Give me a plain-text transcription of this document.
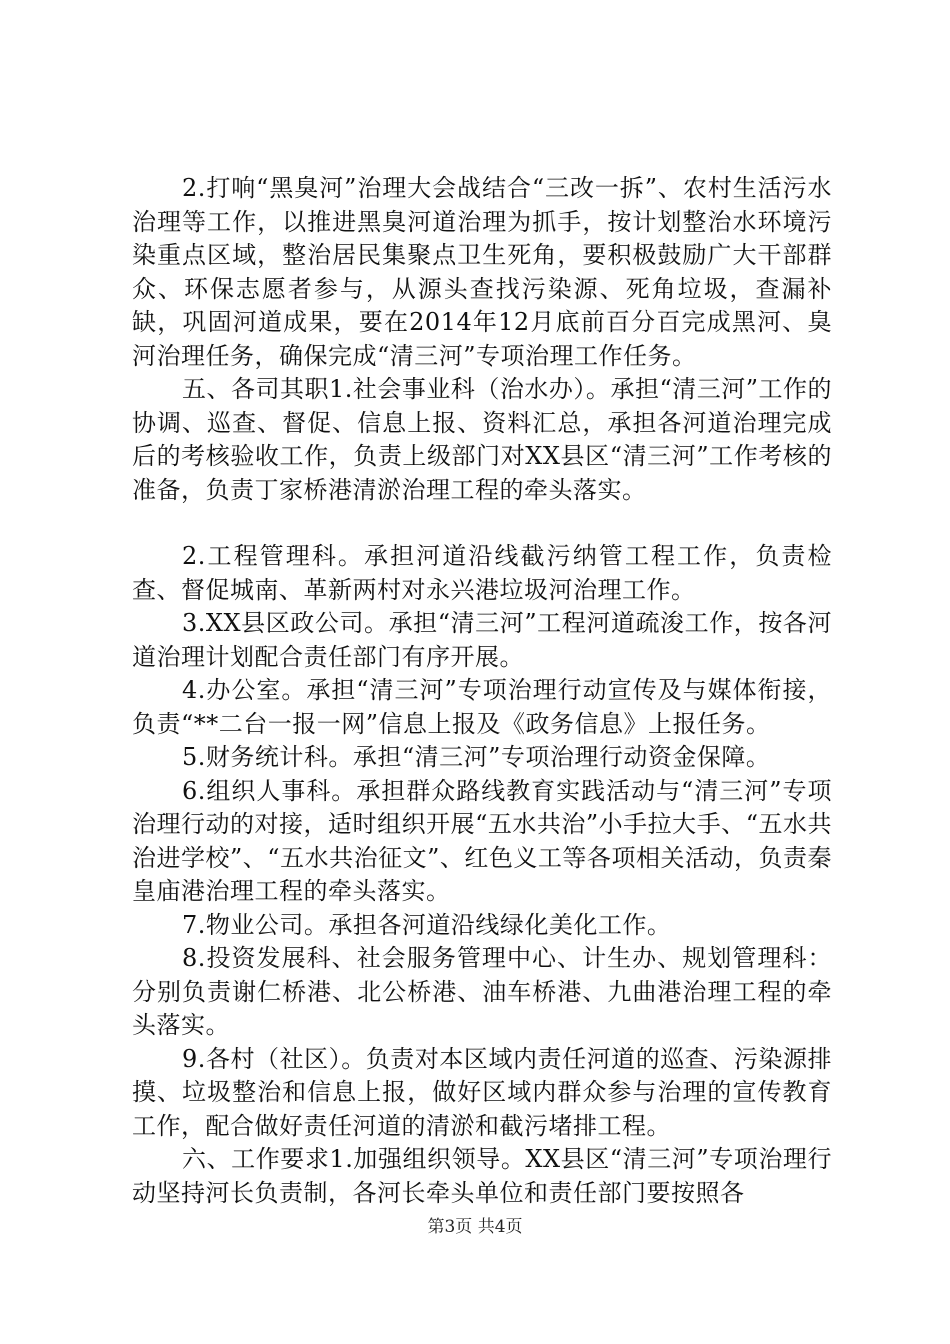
2.打响“黑臭河”治理大会战结合“三改一拆”、农村生活污水治理等工作，以推进黑臭河道治理为抓手，按计划整治水环境污染重点区域，整治居民集聚点卫生死角，要积极鼓励广大干部群众、环保志愿者参与，从源头查找污染源、死角垃圾，查漏补缺，巩固河道成果，要在2014年12月底前百分百完成黑河、臭河治理任务，确保完成“清三河”专项治理工作任务。

五、各司其职1.社会事业科（治水办）。承担“清三河”工作的协调、巡查、督促、信息上报、资料汇总，承担各河道治理完成后的考核验收工作，负责上级部门对XX县区“清三河”工作考核的准备，负责丁家桥港清淤治理工程的牵头落实。

2.工程管理科。承担河道沿线截污纳管工程工作，负责检查、督促城南、革新两村对永兴港垃圾河治理工作。

3.XX县区政公司。承担“清三河”工程河道疏浚工作，按各河道治理计划配合责任部门有序开展。

4.办公室。承担“清三河”专项治理行动宣传及与媒体衔接，负责“**二台一报一网”信息上报及《政务信息》上报任务。

5.财务统计科。承担“清三河”专项治理行动资金保障。

6.组织人事科。承担群众路线教育实践活动与“清三河”专项治理行动的对接，适时组织开展“五水共治”小手拉大手、“五水共治进学校”、“五水共治征文”、红色义工等各项相关活动，负责秦皇庙港治理工程的牵头落实。

7.物业公司。承担各河道沿线绿化美化工作。

8.投资发展科、社会服务管理中心、计生办、规划管理科：分别负责谢仁桥港、北公桥港、油车桥港、九曲港治理工程的牵头落实。

9.各村（社区）。负责对本区域内责任河道的巡查、污染源排摸、垃圾整治和信息上报，做好区域内群众参与治理的宣传教育工作，配合做好责任河道的清淤和截污堵排工程。

六、工作要求1.加强组织领导。XX县区“清三河”专项治理行动坚持河长负责制，各河长牵头单位和责任部门要按照各

第3页 共4页
